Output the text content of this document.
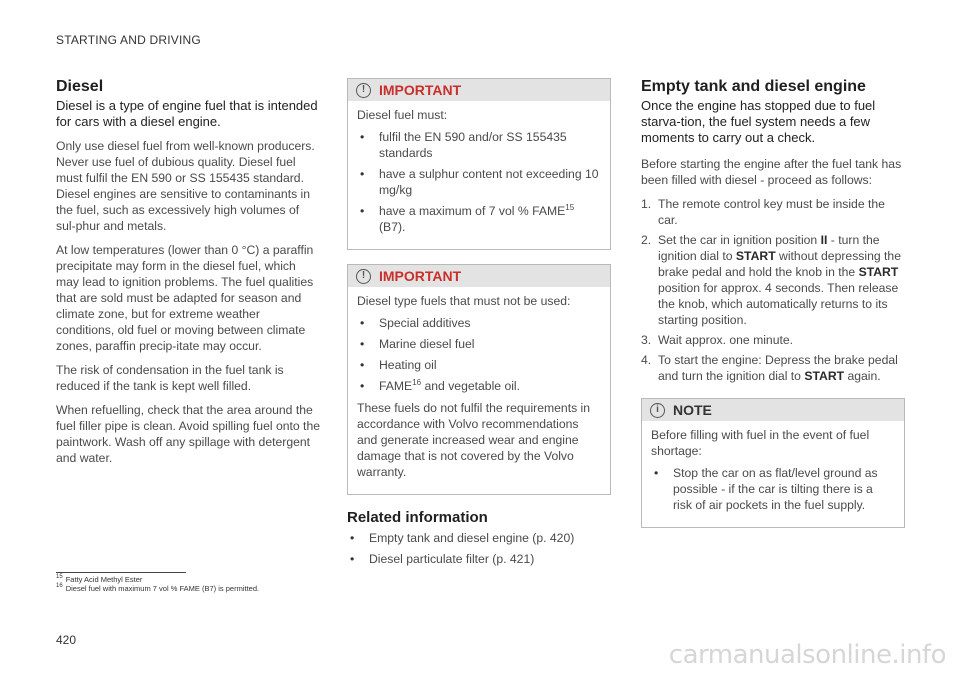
STARTING AND DRIVING
Diesel
Diesel is a type of engine fuel that is intended for cars with a diesel engine.

Only use diesel fuel from well-known producers. Never use fuel of dubious quality. Diesel fuel must fulfil the EN 590 or SS 155435 standard. Diesel engines are sensitive to contaminants in the fuel, such as excessively high volumes of sul-phur and metals.

At low temperatures (lower than 0 °C) a paraffin precipitate may form in the diesel fuel, which may lead to ignition problems. The fuel qualities that are sold must be adapted for season and climate zone, but for extreme weather conditions, old fuel or moving between climate zones, paraffin precip-itate may occur.

The risk of condensation in the fuel tank is reduced if the tank is kept well filled.

When refuelling, check that the area around the fuel filler pipe is clean. Avoid spilling fuel onto the paintwork. Wash off any spillage with detergent and water.

! IMPORTANT

Diesel fuel must:

• fulfil the EN 590 and/or SS 155435 standards
• have a sulphur content not exceeding 10 mg/kg
• have a maximum of 7 vol % FAME$^{15}$
(B7).
! IMPORTANT

Diesel type fuels that must not be used:

• Special additives
• Marine diesel fuel
• Heating oil
• FAME$^{16}$ and vegetable oil.

These fuels do not fulfil the requirements in accordance with Volvo recommendations and generate increased wear and engine damage that is not covered by the Volvo warranty.

Related information
• Empty tank and diesel engine (p. 420)
• Diesel particulate filter (p. 421)
Empty tank and diesel engine
Once the engine has stopped due to fuel starva-tion, the fuel system needs a few moments to carry out a check.

Before starting the engine after the fuel tank has been filled with diesel - proceed as follows:

1. The remote control key must be inside the car.
2. Set the car in ignition position II - turn the ignition dial to START without depressing the brake pedal and hold the knob in the START position for approx. 4 seconds. Then release the knob, which automatically returns to its starting position.
3. Wait approx. one minute.
4. To start the engine: Depress the brake pedal and turn the ignition dial to START again.
i	NOTE

Before filling with fuel in the event of fuel shortage:

• Stop the car on as flat/level ground as possible - if the car is tilting there is a risk of air pockets in the fuel supply.
$^{15}$ Fatty Acid Methyl Ester
$^{16}$ Diesel fuel with maximum 7 vol % FAME (B7) is permitted.
420	carmanualsonline.info
